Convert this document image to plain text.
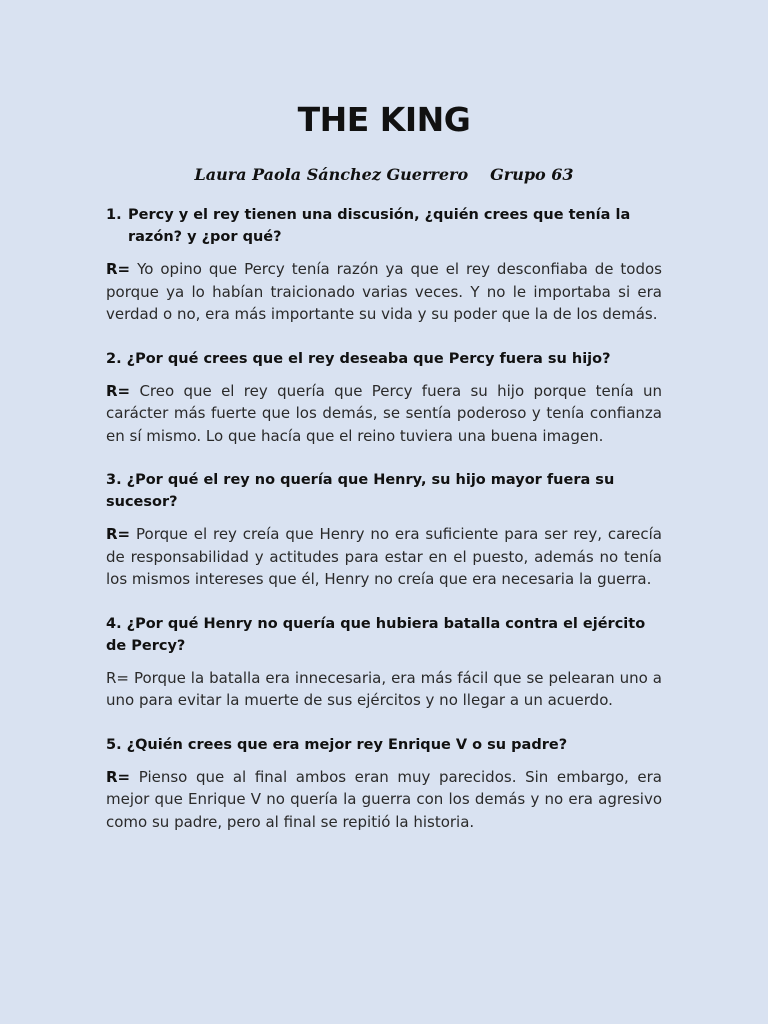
THE KING
Laura Paola Sánchez Guerrero Grupo 63

1. Percy y el rey tienen una discusión, ¿quién crees que tenía la razón? y ¿por qué?

R= Yo opino que Percy tenía razón ya que el rey desconfiaba de todos porque ya lo habían traicionado varias veces. Y no le importaba si era verdad o no, era más importante su vida y su poder que la de los demás.

2. ¿Por qué crees que el rey deseaba que Percy fuera su hijo?

R= Creo que el rey quería que Percy fuera su hijo porque tenía un carácter más fuerte que los demás, se sentía poderoso y tenía confianza en sí mismo. Lo que hacía que el reino tuviera una buena imagen.

3. ¿Por qué el rey no quería que Henry, su hijo mayor fuera su sucesor?

R= Porque el rey creía que Henry no era suficiente para ser rey, carecía de responsabilidad y actitudes para estar en el puesto, además no tenía los mismos intereses que él, Henry no creía que era necesaria la guerra.

4. ¿Por qué Henry no quería que hubiera batalla contra el ejército de Percy?

R= Porque la batalla era innecesaria, era más fácil que se pelearan uno a uno para evitar la muerte de sus ejércitos y no llegar a un acuerdo.

5. ¿Quién crees que era mejor rey Enrique V o su padre?

R= Pienso que al final ambos eran muy parecidos. Sin embargo, era mejor que Enrique V no quería la guerra con los demás y no era agresivo como su padre, pero al final se repitió la historia.
